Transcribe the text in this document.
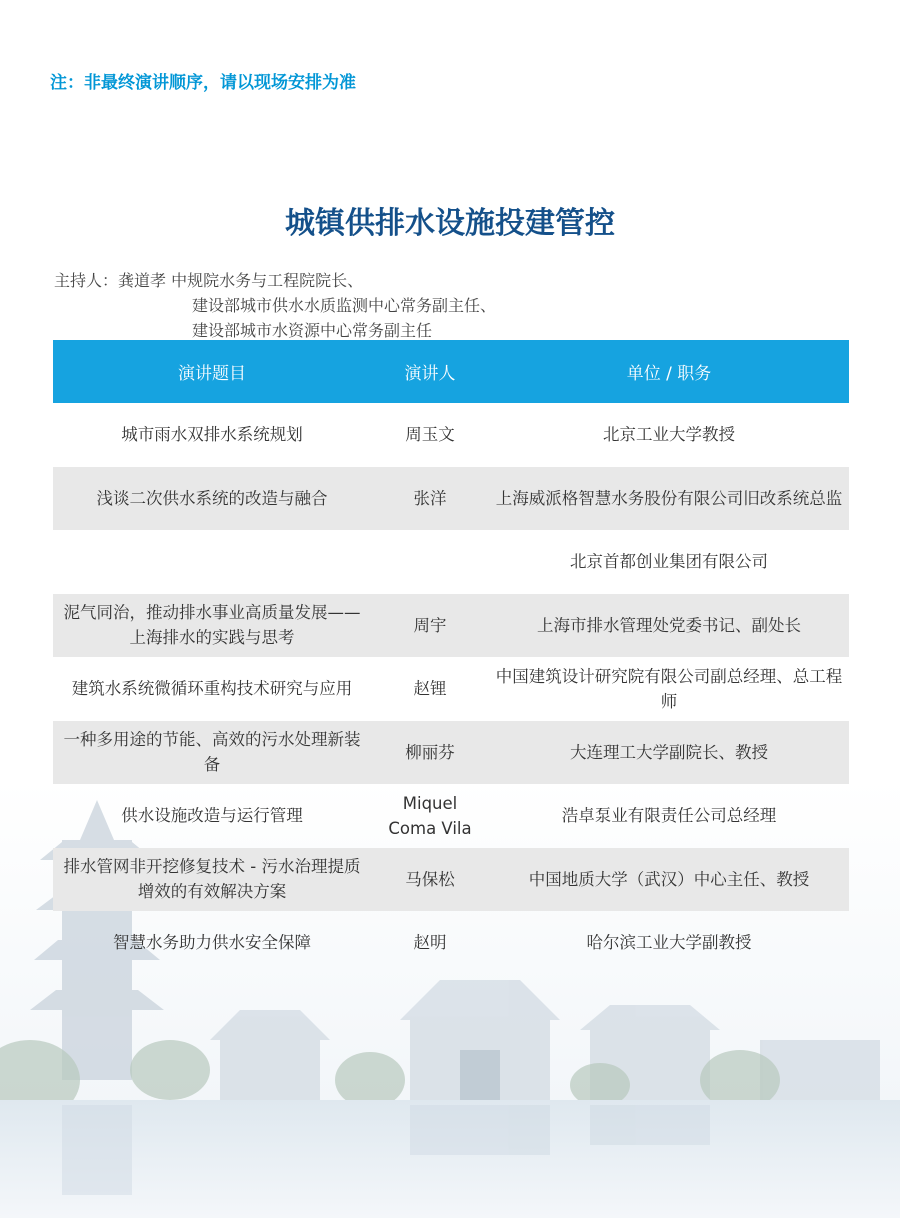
注：非最终演讲顺序，请以现场安排为准
城镇供排水设施投建管控
主持人：龚道孝 中规院水务与工程院院长、
建设部城市供水水质监测中心常务副主任、
建设部城市水资源中心常务副主任
演讲题目	演讲人	单位 / 职务
城市雨水双排水系统规划	周玉文	北京工业大学教授
浅谈二次供水系统的改造与融合	张洋	上海威派格智慧水务股份有限公司旧改系统总监
		北京首都创业集团有限公司
泥气同治，推动排水事业高质量发展——上海排水的实践与思考	周宇	上海市排水管理处党委书记、副处长
建筑水系统微循环重构技术研究与应用	赵锂	中国建筑设计研究院有限公司副总经理、总工程师
一种多用途的节能、高效的污水处理新装备	柳丽芬	大连理工大学副院长、教授
供水设施改造与运行管理	Miquel Coma Vila	浩卓泵业有限责任公司总经理
排水管网非开挖修复技术 - 污水治理提质增效的有效解决方案	马保松	中国地质大学（武汉）中心主任、教授
智慧水务助力供水安全保障	赵明	哈尔滨工业大学副教授
